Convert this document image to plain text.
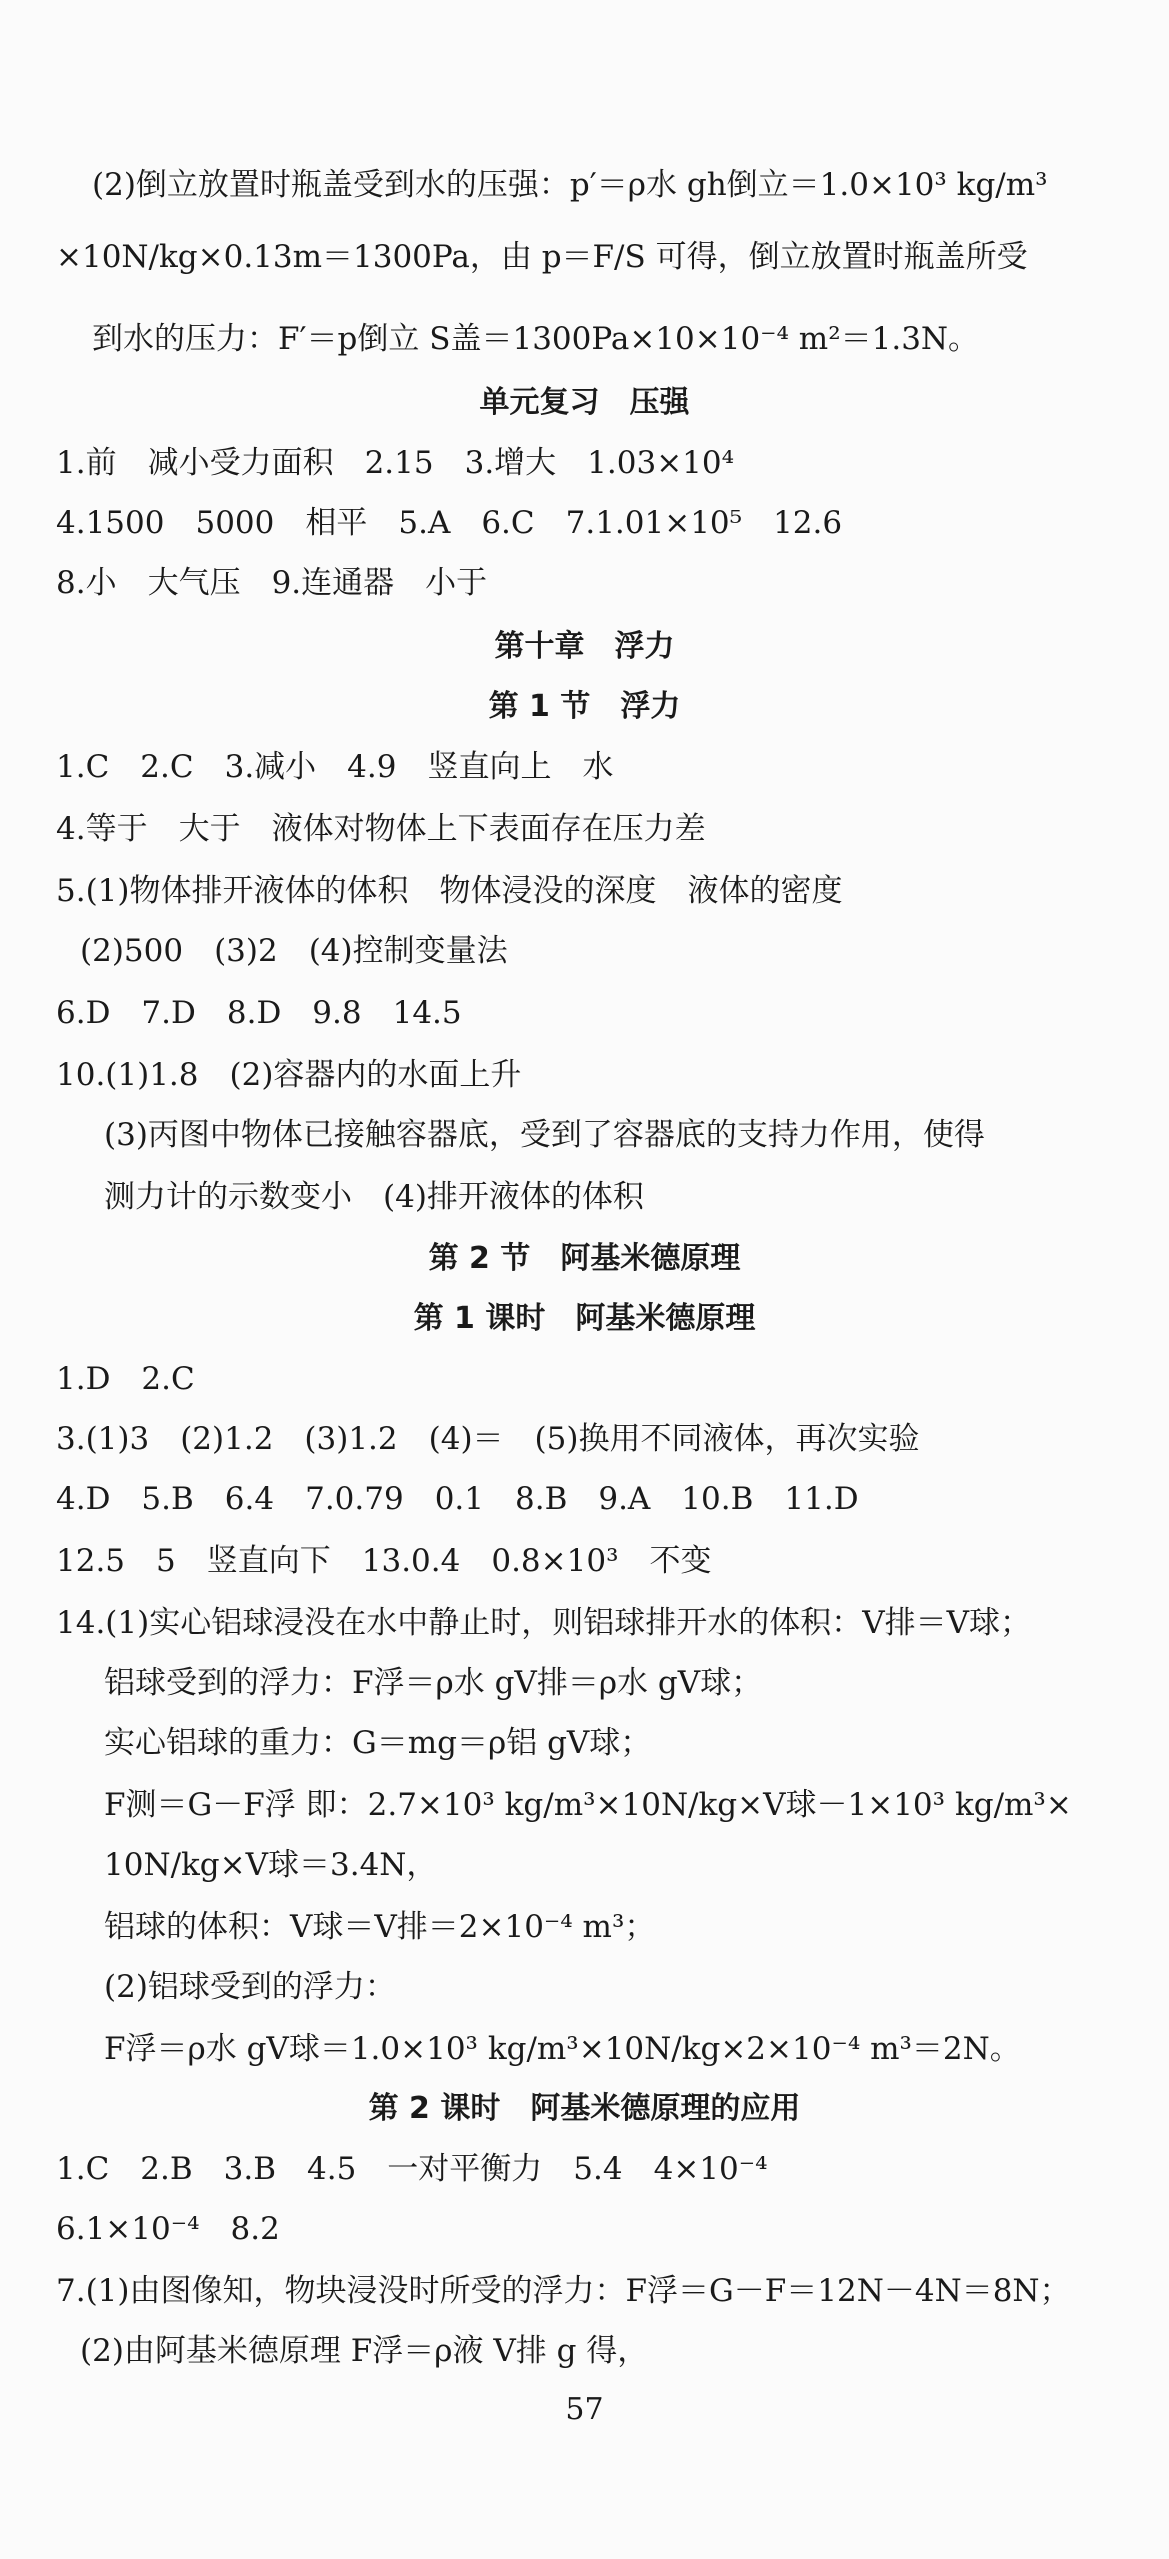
(2)倒立放置时瓶盖受到水的压强：p′＝ρ水 gh倒立＝1.0×10³ kg/m³
×10N/kg×0.13m＝1300Pa，由 p＝F/S 可得，倒立放置时瓶盖所受
到水的压力：F′＝p倒立 S盖＝1300Pa×10×10⁻⁴ m²＝1.3N。
单元复习　压强
1.前　减小受力面积　2.15　3.增大　1.03×10⁴
4.1500　5000　相平　5.A　6.C　7.1.01×10⁵　12.6
8.小　大气压　9.连通器　小于
第十章　浮力
第 1 节　浮力
1.C　2.C　3.减小　4.9　竖直向上　水
4.等于　大于　液体对物体上下表面存在压力差
5.(1)物体排开液体的体积　物体浸没的深度　液体的密度
(2)500　(3)2　(4)控制变量法
6.D　7.D　8.D　9.8　14.5
10.(1)1.8　(2)容器内的水面上升
(3)丙图中物体已接触容器底，受到了容器底的支持力作用，使得
测力计的示数变小　(4)排开液体的体积
第 2 节　阿基米德原理
第 1 课时　阿基米德原理
1.D　2.C
3.(1)3　(2)1.2　(3)1.2　(4)＝　(5)换用不同液体，再次实验
4.D　5.B　6.4　7.0.79　0.1　8.B　9.A　10.B　11.D
12.5　5　竖直向下　13.0.4　0.8×10³　不变
14.(1)实心铝球浸没在水中静止时，则铝球排开水的体积：V排＝V球；
铝球受到的浮力：F浮＝ρ水 gV排＝ρ水 gV球；
实心铝球的重力：G＝mg＝ρ铝 gV球；
F测＝G－F浮 即：2.7×10³ kg/m³×10N/kg×V球－1×10³ kg/m³×
10N/kg×V球＝3.4N，
铝球的体积：V球＝V排＝2×10⁻⁴ m³；
(2)铝球受到的浮力：
F浮＝ρ水 gV球＝1.0×10³ kg/m³×10N/kg×2×10⁻⁴ m³＝2N。
第 2 课时　阿基米德原理的应用
1.C　2.B　3.B　4.5　一对平衡力　5.4　4×10⁻⁴
6.1×10⁻⁴　8.2
7.(1)由图像知，物块浸没时所受的浮力：F浮＝G－F＝12N－4N＝8N；
(2)由阿基米德原理 F浮＝ρ液 V排 g 得，
57
